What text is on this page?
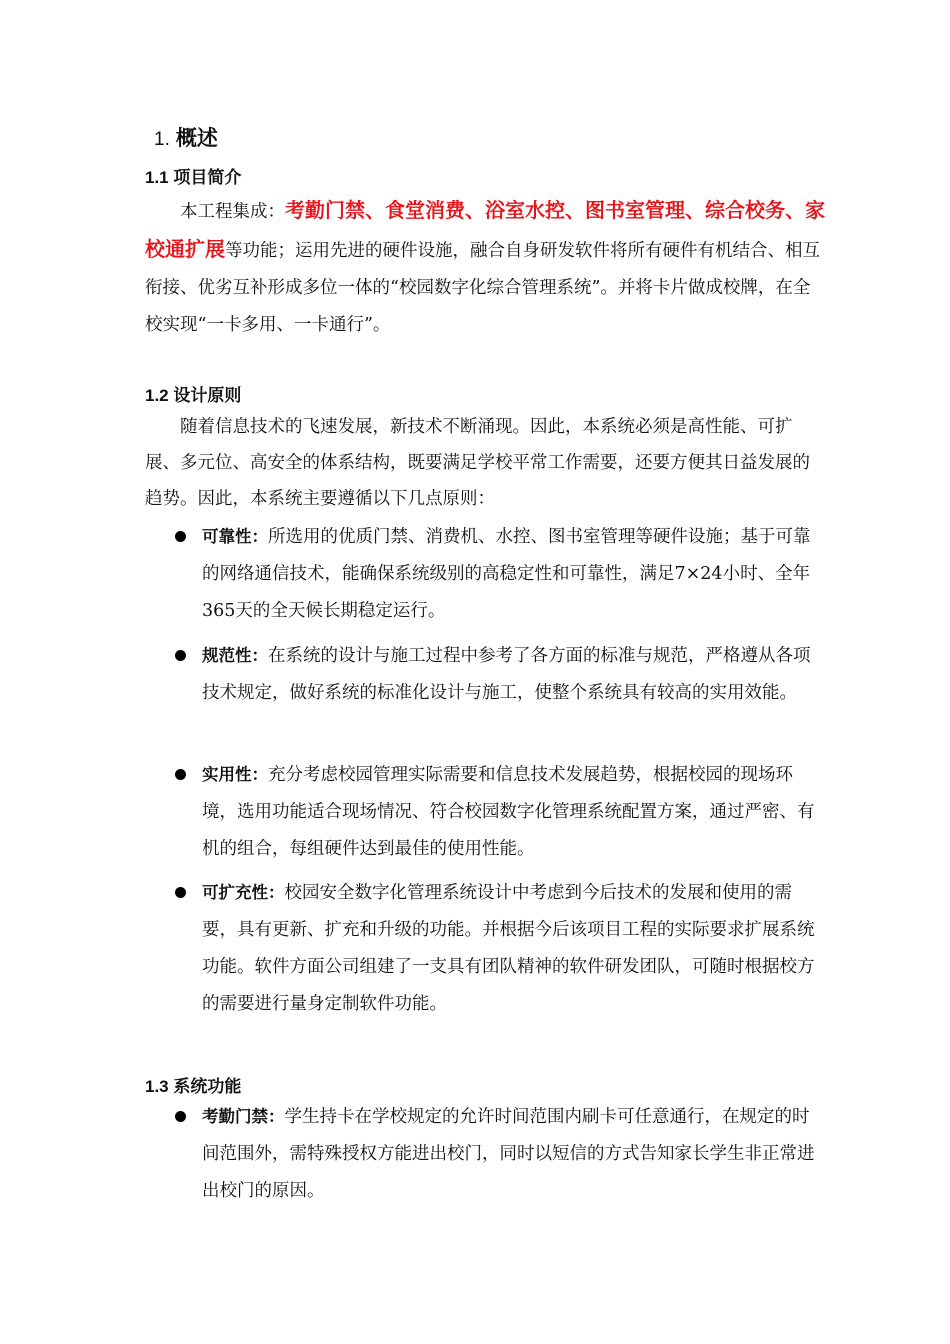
1. 概述
1.1 项目简介
本工程集成：考勤门禁、食堂消费、浴室水控、图书室管理、综合校务、家校通扩展等功能；运用先进的硬件设施，融合自身研发软件将所有硬件有机结合、相互衔接、优劣互补形成多位一体的“校园数字化综合管理系统”。并将卡片做成校牌，在全校实现“一卡多用、一卡通行”。
1.2 设计原则
随着信息技术的飞速发展，新技术不断涌现。因此，本系统必须是高性能、可扩展、多元位、高安全的体系结构，既要满足学校平常工作需要，还要方便其日益发展的趋势。因此，本系统主要遵循以下几点原则：
可靠性：所选用的优质门禁、消费机、水控、图书室管理等硬件设施；基于可靠的网络通信技术，能确保系统级别的高稳定性和可靠性，满足7×24小时、全年365天的全天候长期稳定运行。
规范性：在系统的设计与施工过程中参考了各方面的标准与规范，严格遵从各项技术规定，做好系统的标准化设计与施工，使整个系统具有较高的实用效能。
实用性：充分考虑校园管理实际需要和信息技术发展趋势，根据校园的现场环境，选用功能适合现场情况、符合校园数字化管理系统配置方案，通过严密、有机的组合，每组硬件达到最佳的使用性能。
可扩充性：校园安全数字化管理系统设计中考虑到今后技术的发展和使用的需要，具有更新、扩充和升级的功能。并根据今后该项目工程的实际要求扩展系统功能。软件方面公司组建了一支具有团队精神的软件研发团队，可随时根据校方的需要进行量身定制软件功能。
1.3 系统功能
考勤门禁：学生持卡在学校规定的允许时间范围内刷卡可任意通行，在规定的时间范围外，需特殊授权方能进出校门，同时以短信的方式告知家长学生非正常进出校门的原因。
